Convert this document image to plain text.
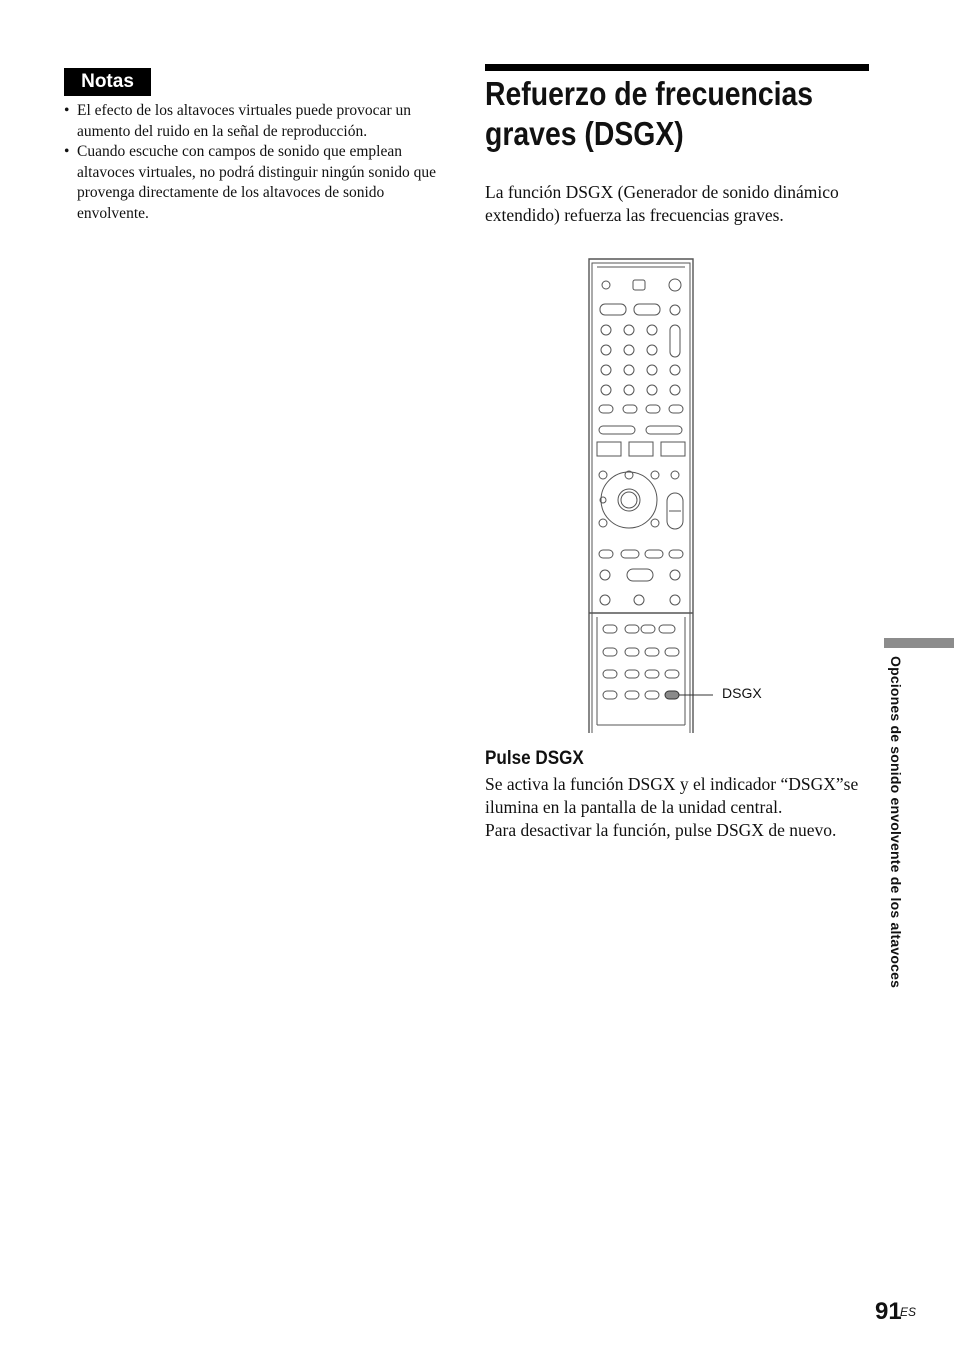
Notas
• El efecto de los altavoces virtuales puede provocar un aumento del ruido en la señal de reproducción.
• Cuando escuche con campos de sonido que emplean altavoces virtuales, no podrá distinguir ningún sonido que provenga directamente de los altavoces de sonido envolvente.
Refuerzo de frecuencias
graves (DSGX)

La función DSGX (Generador de sonido dinámico extendido) refuerza las frecuencias graves.

DSGX
Pulse DSGX

Se activa la función DSGX y el indicador “DSGX”se ilumina en la pantalla de la unidad central.

Para desactivar la función, pulse DSGX de nuevo.	Opciones de sonido envolvente de los altavoces
91
ES
